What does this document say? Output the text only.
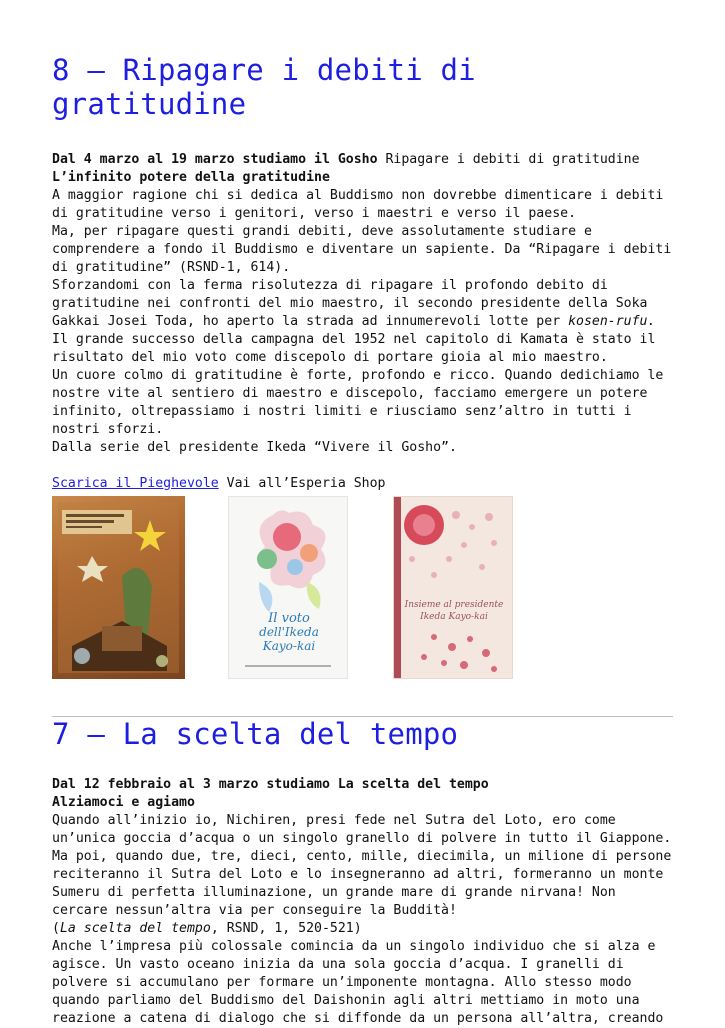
8 – Ripagare i debiti di gratitudine

Dal 4 marzo al 19 marzo studiamo il Gosho Ripagare i debiti di gratitudine

L’infinito potere della gratitudine

A maggior ragione chi si dedica al Buddismo non dovrebbe dimenticare i debiti di gratitudine verso i genitori, verso i maestri e verso il paese.

Ma, per ripagare questi grandi debiti, deve assolutamente studiare e comprendere a fondo il Buddismo e diventare un sapiente. Da “Ripagare i debiti di gratitudine” (RSND-1, 614).

Sforzandomi con la ferma risolutezza di ripagare il profondo debito di gratitudine nei confronti del mio maestro, il secondo presidente della Soka Gakkai Josei Toda, ho aperto la strada ad innumerevoli lotte per kosen-rufu.

Il grande successo della campagna del 1952 nel capitolo di Kamata è stato il risultato del mio voto come discepolo di portare gioia al mio maestro.

Un cuore colmo di gratitudine è forte, profondo e ricco. Quando dedichiamo le nostre vite al sentiero di maestro e discepolo, facciamo emergere un potere infinito, oltrepassiamo i nostri limiti e riusciamo senz’altro in tutti i nostri sforzi.

Dalla serie del presidente Ikeda “Vivere il Gosho”.

Scarica il Pieghevole Vai all’Esperia Shop
Il voto
dell'Ikeda
Kayo-kai
Insieme al presidente
Ikeda Kayo-kai
7 – La scelta del tempo

Dal 12 febbraio al 3 marzo studiamo La scelta del tempo

Alziamoci e agiamo

Quando all’inizio io, Nichiren, presi fede nel Sutra del Loto, ero come un’unica goccia d’acqua o un singolo granello di polvere in tutto il Giappone. Ma poi, quando due, tre, dieci, cento, mille, diecimila, un milione di persone reciteranno il Sutra del Loto e lo insegneranno ad altri, formeranno un monte Sumeru di perfetta illuminazione, un grande mare di grande nirvana! Non cercare nessun’altra via per conseguire la Buddità!

(La scelta del tempo, RSND, 1, 520-521)

Anche l’impresa più colossale comincia da un singolo individuo che si alza e agisce. Un vasto oceano inizia da una sola goccia d’acqua. I granelli di polvere si accumulano per formare un’imponente montagna. Allo stesso modo quando parliamo del Buddismo del Daishonin agli altri mettiamo in moto una reazione a catena di dialogo che si diffonde da un persona all’altra, creando
